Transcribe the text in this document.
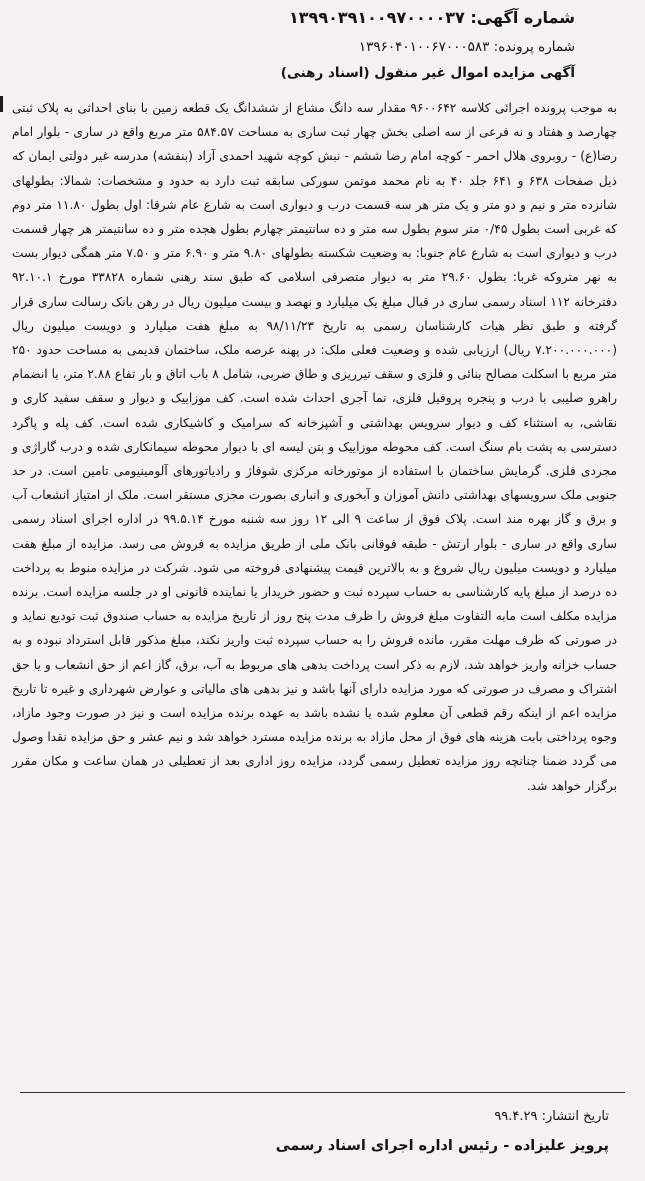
شماره آگهی: ۱۳۹۹۰۳۹۱۰۰۹۷۰۰۰۰۳۷

شماره پرونده: ۱۳۹۶۰۴۰۱۰۰۶۷۰۰۰۵۸۳

آگهی مزایده اموال غیر منقول (اسناد رهنی)

به موجب پرونده اجرائی کلاسه ۹۶۰۰۶۴۲ مقدار سه دانگ مشاع از ششدانگ یک قطعه زمین با بنای احداثی به پلاک ثبتی چهارصد و هفتاد و نه فرعی از سه اصلی بخش چهار ثبت ساری به مساحت ۵۸۴.۵۷ متر مربع واقع در ساری - بلوار امام رضا(ع) - روبروی هلال احمر - کوچه امام رضا ششم - نبش کوچه شهید احمدی آزاد (بنفشه) مدرسه غیر دولتی ایمان که ذیل صفحات ۶۳۸ و ۶۴۱ جلد ۴۰ به نام محمد موتمن سورکی سابقه ثبت دارد به حدود و مشخصات: شمالا: بطولهای شانزده متر و نیم و دو متر و یک متر هر سه قسمت درب و دیواری است به شارع عام شرقا: اول بطول ۱۱.۸۰ متر دوم که غربی است بطول ۰/۴۵ متر سوم بطول سه متر و ده سانتیمتر چهارم بطول هجده متر و ده سانتیمتر هر چهار قسمت درب و دیواری است به شارع عام جنوبا: به وضعیت شکسته بطولهای ۹.۸۰ متر و ۶.۹۰ متر و ۷.۵۰ متر همگی دیوار بست به نهر متروکه غربا: بطول ۲۹.۶۰ متر به دیوار متصرفی اسلامی که طبق سند رهنی شماره ۳۳۸۲۸ مورخ ۹۲.۱۰.۱ دفترخانه ۱۱۲ اسناد رسمی ساری در قبال مبلغ یک میلیارد و نهصد و بیست میلیون ریال در رهن بانک رسالت ساری قرار گرفته و طبق نظر هیات کارشناسان رسمی به تاریخ ۹۸/۱۱/۲۳ به مبلغ هفت میلیارد و دویست میلیون ریال (۷.۲۰۰.۰۰۰.۰۰۰ ریال) ارزیابی شده و وضعیت فعلی ملک: در پهنه عرصه ملک، ساختمان قدیمی به مساحت حدود ۲۵۰ متر مربع با اسکلت مصالح بنائی و فلزی و سقف تیرریزی و طاق ضربی، شامل ۸ باب اتاق و بار تفاع ۲.۸۸ متر، با انضمام راهرو صلیبی با درب و پنجره پروفیل فلزی، نما آجری احداث شده است. کف موزاییک و دیوار و سقف سفید کاری و نقاشی، به استثناء کف و دیوار سرویس بهداشتی و آشپزخانه که سرامیک و کاشیکاری شده است. کف پله و پاگرد دسترسی به پشت بام سنگ است. کف محوطه موزاییک و بتن لیسه ای با دیوار محوطه سیمانکاری شده و درب گاراژی و مجردی فلزی. گرمایش ساختمان با استفاده از موتورخانه مرکزی شوفاژ و رادیاتورهای آلومینیومی تامین است. در حد جنوبی ملک سرویسهای بهداشتی دانش آموزان و آبخوری و انباری بصورت مجزی مستقر است. ملک از امتیاز انشعاب آب و برق و گاز بهره مند است. پلاک فوق از ساعت ۹ الی ۱۲ روز سه شنبه مورخ ۹۹.۵.۱۴ در اداره اجرای اسناد رسمی ساری واقع در ساری - بلوار ارتش - طبقه فوقانی بانک ملی از طریق مزایده به فروش می رسد. مزایده از مبلغ هفت میلیارد و دویست میلیون ریال شروع و به بالاترین قیمت پیشنهادی فروخته می شود. شرکت در مزایده منوط به پرداخت ده درصد از مبلغ پایه کارشناسی به حساب سپرده ثبت و حضور خریدار یا نماینده قانونی او در جلسه مزایده است. برنده مزایده مکلف است مابه التفاوت مبلغ فروش را ظرف مدت پنج روز از تاریخ مزایده به حساب صندوق ثبت تودیع نماید و در صورتی که ظرف مهلت مقرر، مانده فروش را به حساب سپرده ثبت واریز نکند، مبلغ مذکور قابل استرداد نبوده و به حساب خزانه واریز خواهد شد. لازم به ذکر است پرداخت بدهی های مربوط به آب، برق، گاز اعم از حق انشعاب و یا حق اشتراک و مصرف در صورتی که مورد مزایده دارای آنها باشد و نیز بدهی های مالیاتی و عوارض شهرداری و غیره تا تاریخ مزایده اعم از اینکه رقم قطعی آن معلوم شده یا نشده باشد به عهده برنده مزایده است و نیز در صورت وجود مازاد، وجوه پرداختی بابت هزینه های فوق از محل مازاد به برنده مزایده مسترد خواهد شد و نیم عشر و حق مزایده نقدا وصول می گردد ضمنا چنانچه روز مزایده تعطیل رسمی گردد، مزایده روز اداری بعد از تعطیلی در همان ساعت و مکان مقرر برگزار خواهد شد.

تاریخ انتشار: ۹۹.۴.۲۹

پرویز علیزاده - رئیس اداره اجرای اسناد رسمی
